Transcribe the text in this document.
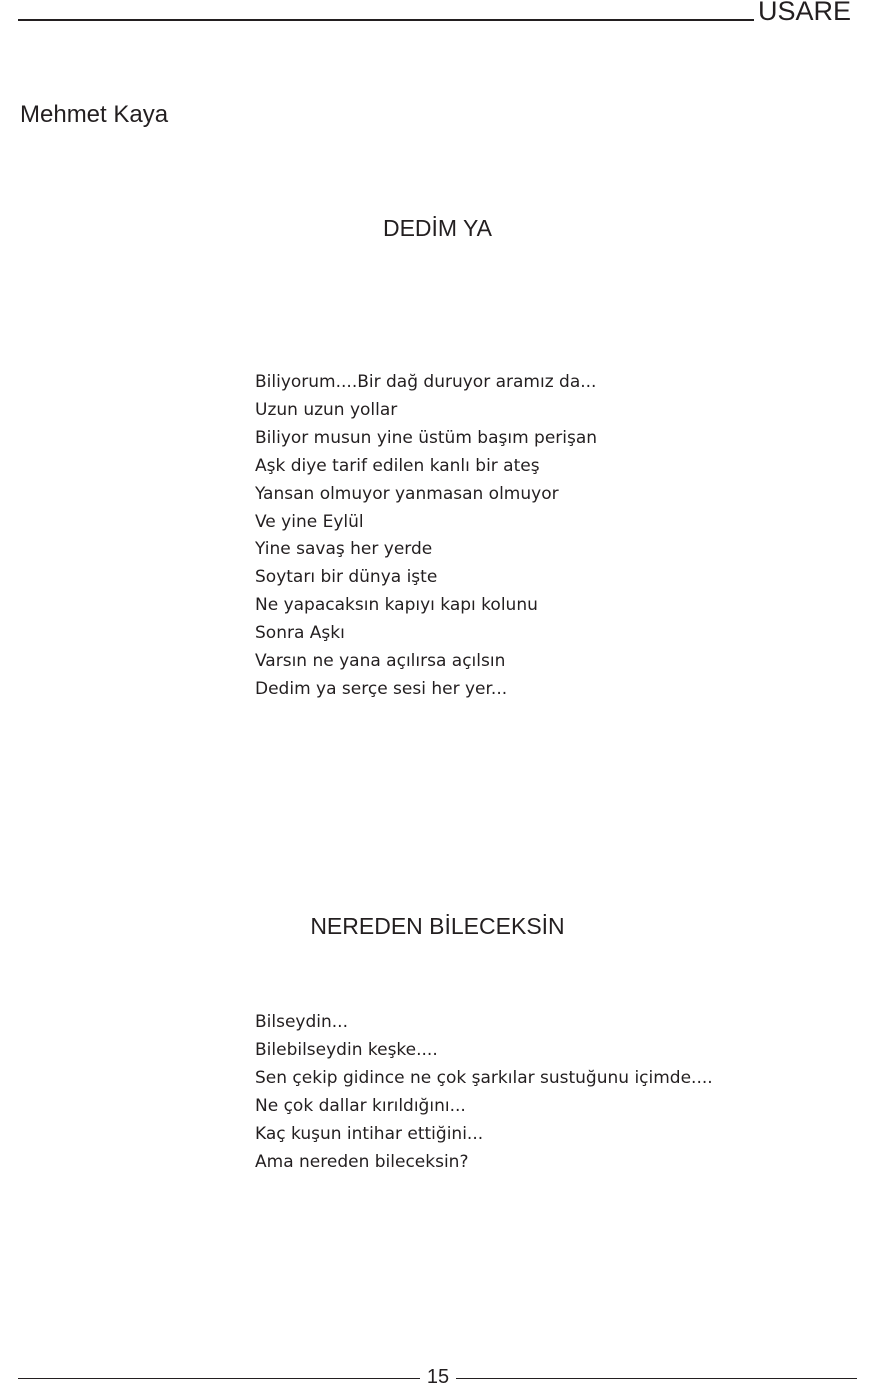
USARE
Mehmet Kaya
DEDİM YA
Biliyorum....Bir dağ duruyor aramız da...
Uzun uzun yollar
Biliyor musun yine üstüm başım perişan
Aşk diye tarif edilen kanlı bir ateş
Yansan olmuyor yanmasan olmuyor
Ve yine Eylül
Yine savaş her yerde
Soytarı bir dünya işte
Ne yapacaksın kapıyı kapı kolunu
Sonra Aşkı
Varsın ne yana açılırsa açılsın
Dedim ya serçe sesi her yer...
NEREDEN BİLECEKSİN
Bilseydin...
Bilebilseydin keşke....
Sen çekip gidince ne çok şarkılar sustuğunu içimde....
Ne çok dallar kırıldığını...
Kaç kuşun intihar ettiğini...
Ama nereden bileceksin?
15
